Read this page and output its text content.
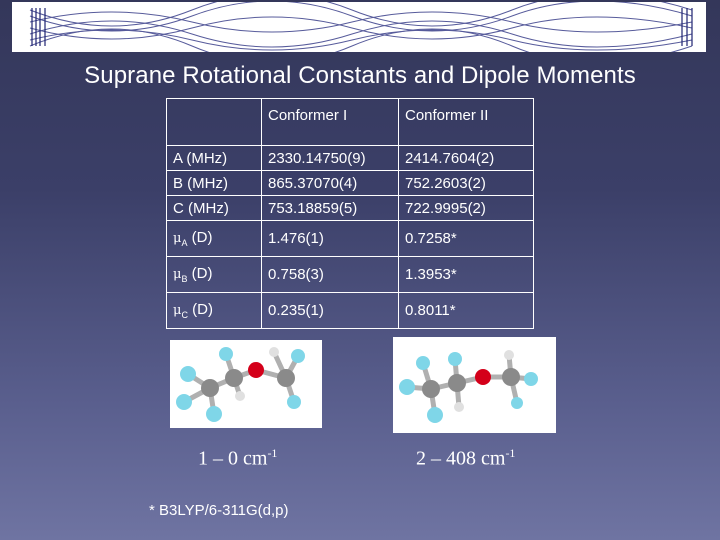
Suprane Rotational Constants and Dipole Moments
	Conformer I	Conformer II
A (MHz)	2330.14750(9)	2414.7604(2)
B (MHz)	865.37070(4)	752.2603(2)
C (MHz)	753.18859(5)	722.9995(2)
$\mu_A$ (D)	1.476(1)	0.7258*
$\mu_B$ (D)	0.758(3)	1.3953*
$\mu_C$ (D)	0.235(1)	0.8011*
1 – 0 $cm^{-1}$	2 – 408 $cm^{-1}$
* B3LYP/6-311G(d,p)
